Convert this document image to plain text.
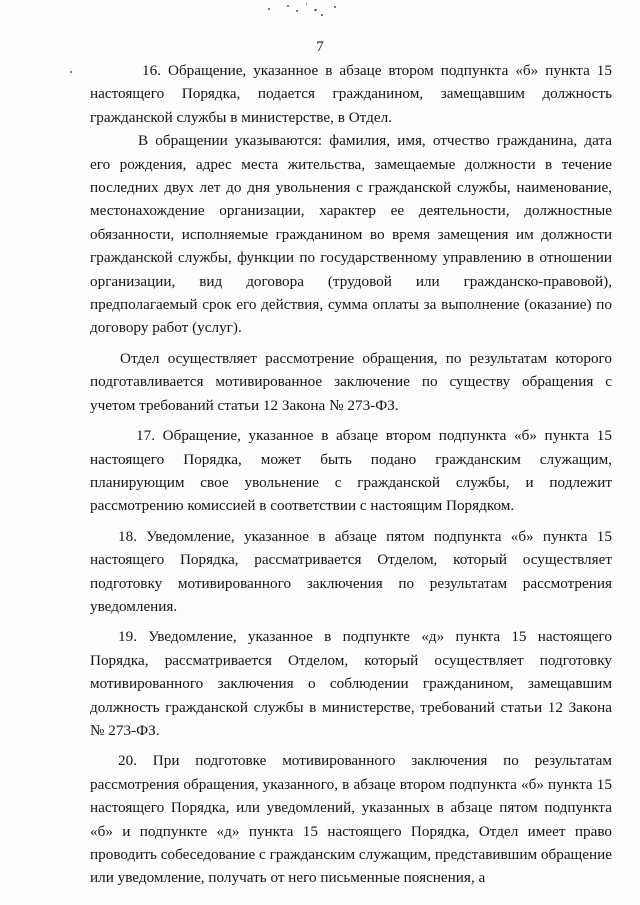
7

16. Обращение, указанное в абзаце втором подпункта «б» пункта 15 настоящего Порядка, подается гражданином, замещавшим должность гражданской службы в министерстве, в Отдел.

В обращении указываются: фамилия, имя, отчество гражданина, дата его рождения, адрес места жительства, замещаемые должности в течение последних двух лет до дня увольнения с гражданской службы, наименование, местонахождение организации, характер ее деятельности, должностные обязанности, исполняемые гражданином во время замещения им должности гражданской службы, функции по государственному управлению в отношении организации, вид договора (трудовой или гражданско-правовой), предполагаемый срок его действия, сумма оплаты за выполнение (оказание) по договору работ (услуг).

Отдел осуществляет рассмотрение обращения, по результатам которого подготавливается мотивированное заключение по существу обращения с учетом требований статьи 12 Закона № 273-ФЗ.

17. Обращение, указанное в абзаце втором подпункта «б» пункта 15 настоящего Порядка, может быть подано гражданским служащим, планирующим свое увольнение с гражданской службы, и подлежит рассмотрению комиссией в соответствии с настоящим Порядком.

18. Уведомление, указанное в абзаце пятом подпункта «б» пункта 15 настоящего Порядка, рассматривается Отделом, который осуществляет подготовку мотивированного заключения по результатам рассмотрения уведомления.

19. Уведомление, указанное в подпункте «д» пункта 15 настоящего Порядка, рассматривается Отделом, который осуществляет подготовку мотивированного заключения о соблюдении гражданином, замещавшим должность гражданской службы в министерстве, требований статьи 12 Закона № 273-ФЗ.

20. При подготовке мотивированного заключения по результатам рассмотрения обращения, указанного, в абзаце втором подпункта «б» пункта 15 настоящего Порядка, или уведомлений, указанных в абзаце пятом подпункта «б» и подпункте «д» пункта 15 настоящего Порядка, Отдел имеет право проводить собеседование с гражданским служащим, представившим обращение или уведомление, получать от него письменные пояснения, а
